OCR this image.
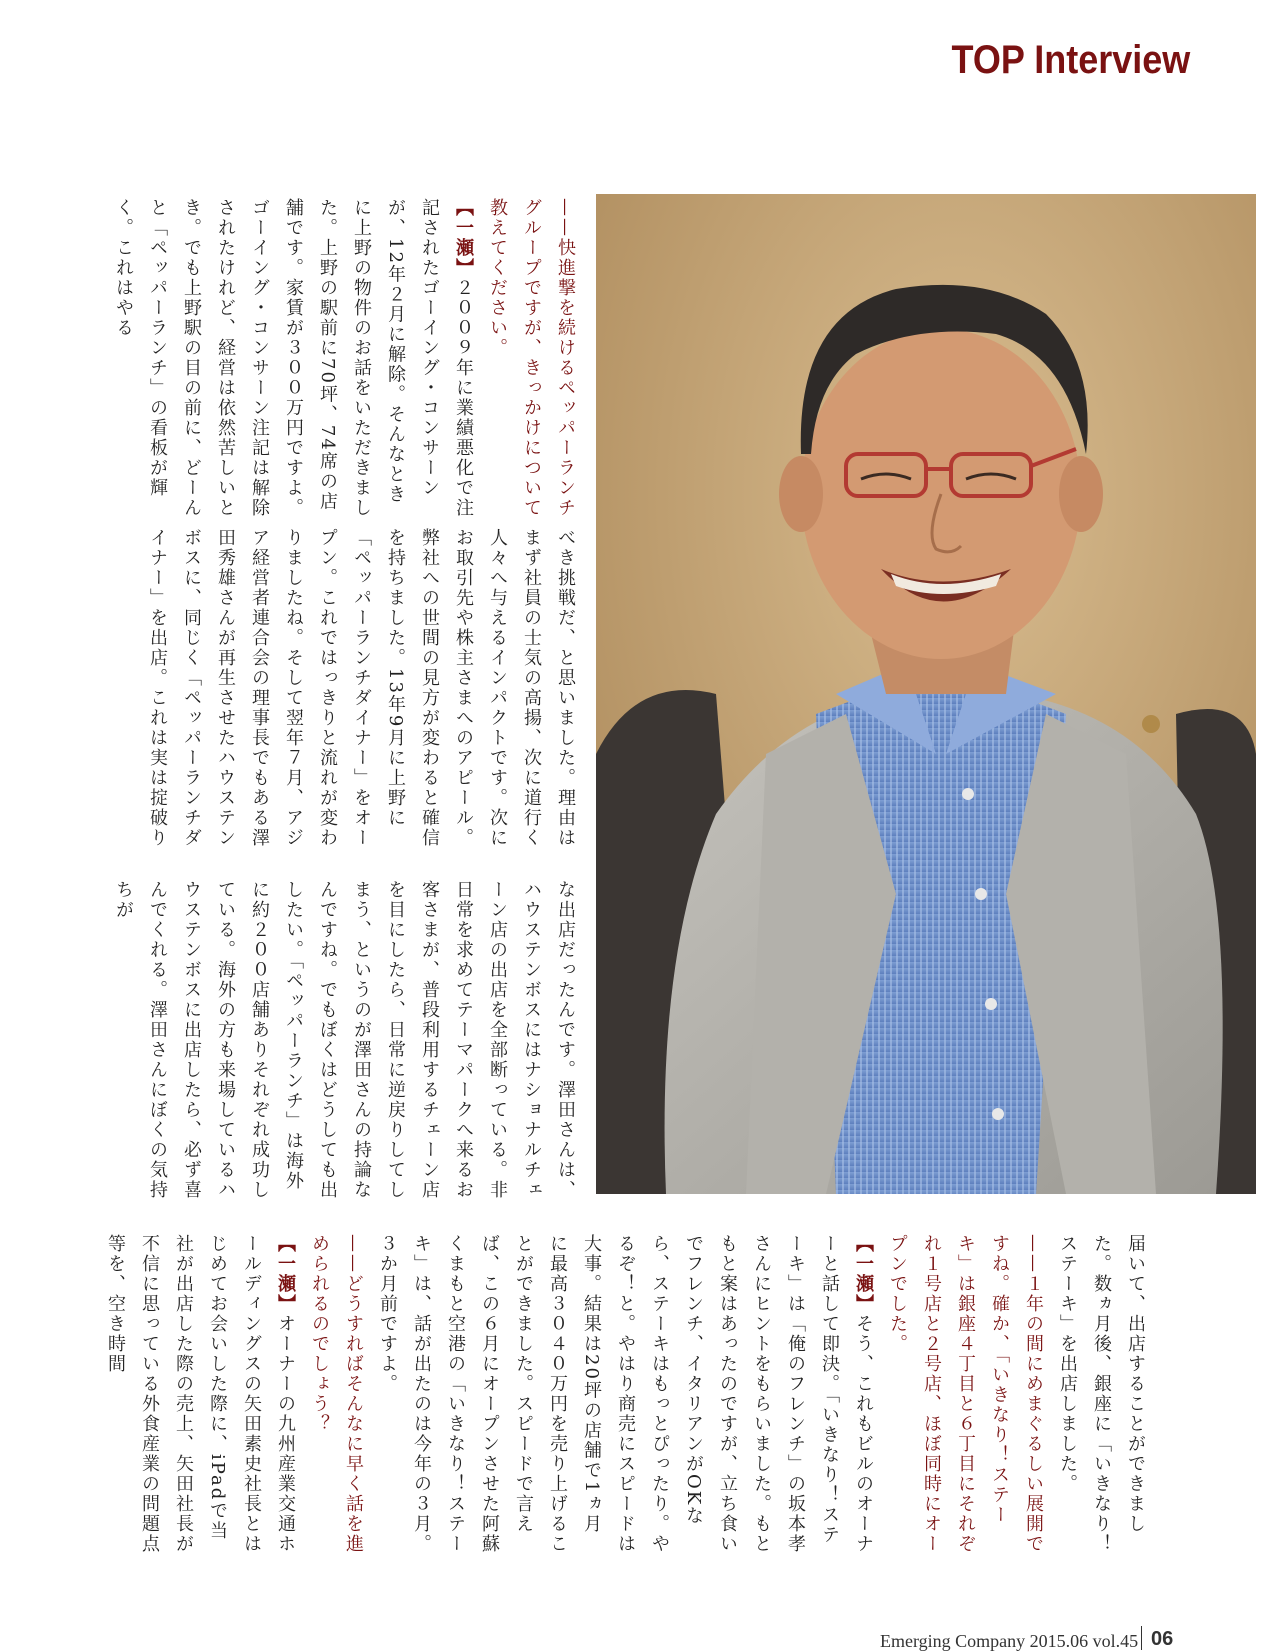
TOP Interview

——快進撃を続けるペッパーランチグループですが、きっかけについて教えてください。

【一瀬】２００９年に業績悪化で注記されたゴーイング・コンサーンが、12年２月に解除。そんなときに上野の物件のお話をいただきました。上野の駅前に70坪、74席の店舗です。家賃が３００万円ですよ。ゴーイング・コンサーン注記は解除されたけれど、経営は依然苦しいとき。でも上野駅の目の前に、どーんと「ペッパーランチ」の看板が輝く。これはやる

べき挑戦だ、と思いました。理由はまず社員の士気の高揚、次に道行く人々へ与えるインパクトです。次にお取引先や株主さまへのアピール。弊社への世間の見方が変わると確信を持ちました。13年9月に上野に「ペッパーランチダイナー」をオープン。これではっきりと流れが変わりましたね。そして翌年７月、アジア経営者連合会の理事長でもある澤田秀雄さんが再生させたハウステンボスに、同じく「ペッパーランチダイナー」を出店。これは実は掟破り

な出店だったんです。澤田さんは、ハウステンボスにはナショナルチェーン店の出店を全部断っている。非日常を求めてテーマパークへ来るお客さまが、普段利用するチェーン店を目にしたら、日常に逆戻りしてしまう、というのが澤田さんの持論なんですね。でもぼくはどうしても出したい。「ペッパーランチ」は海外に約２００店舗ありそれぞれ成功している。海外の方も来場しているハウステンボスに出店したら、必ず喜んでくれる。澤田さんにぼくの気持ちが

届いて、出店することができました。数ヵ月後、銀座に「いきなり！ステーキ」を出店しました。

——１年の間にめまぐるしい展開ですね。確か、「いきなり！ステーキ」は銀座４丁目と６丁目にそれぞれ１号店と２号店、ほぼ同時にオープンでした。

【一瀬】そう、これもビルのオーナーと話して即決。「いきなり！ステーキ」は「俺のフレンチ」の坂本孝さんにヒントをもらいました。もともと案はあったのですが、立ち食いでフレンチ、イタリアンがOKなら、ステーキはもっとぴったり。やるぞ！と。やはり商売にスピードは大事。結果は20坪の店舗で1ヵ月に最高３０４０万円を売り上げることができました。スピードで言えば、この６月にオープンさせた阿蘇くまもと空港の「いきなり！ステーキ」は、話が出たのは今年の３月。３か月前ですよ。

——どうすればそんなに早く話を進められるのでしょう？

【一瀬】オーナーの九州産業交通ホールディングスの矢田素史社長とはじめてお会いした際に、iPadで当社が出店した際の売上、矢田社長が不信に思っている外食産業の問題点等を、空き時間

Emerging Company 2015.06 vol.45 06
